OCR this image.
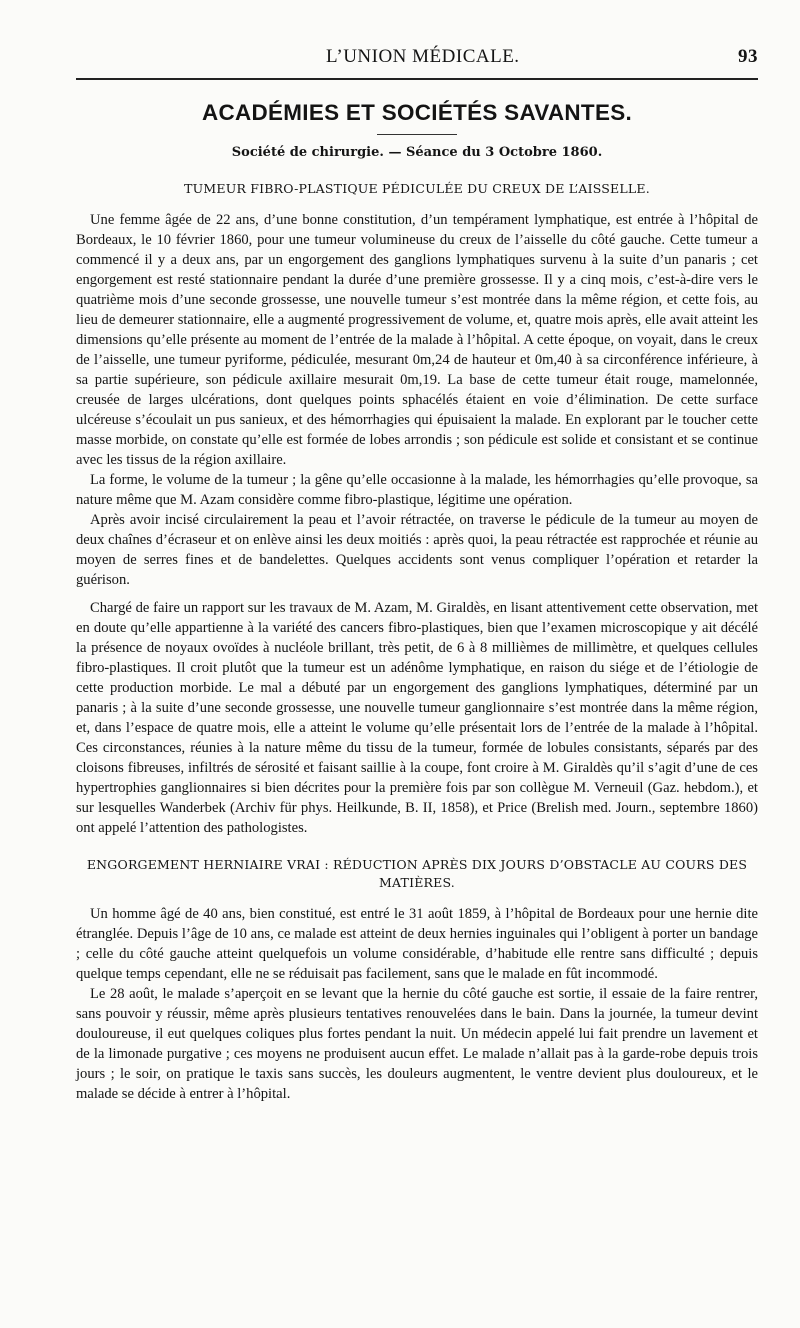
L’UNION MÉDICALE.	93
ACADÉMIES ET SOCIÉTÉS SAVANTES.
Société de chirurgie. — Séance du 3 Octobre 1860.
TUMEUR FIBRO-PLASTIQUE PÉDICULÉE DU CREUX DE L’AISSELLE.

Une femme âgée de 22 ans, d’une bonne constitution, d’un tempérament lymphatique, est entrée à l’hôpital de Bordeaux, le 10 février 1860, pour une tumeur volumineuse du creux de l’aisselle du côté gauche. Cette tumeur a commencé il y a deux ans, par un engorgement des ganglions lymphatiques survenu à la suite d’un panaris ; cet engorgement est resté stationnaire pendant la durée d’une première grossesse. Il y a cinq mois, c’est-à-dire vers le quatrième mois d’une seconde grossesse, une nouvelle tumeur s’est montrée dans la même région, et cette fois, au lieu de demeurer stationnaire, elle a augmenté progressivement de volume, et, quatre mois après, elle avait atteint les dimensions qu’elle présente au moment de l’entrée de la malade à l’hôpital. A cette époque, on voyait, dans le creux de l’aisselle, une tumeur pyriforme, pédiculée, mesurant 0m,24 de hauteur et 0m,40 à sa circonférence inférieure, à sa partie supérieure, son pédicule axillaire mesurait 0m,19. La base de cette tumeur était rouge, mamelonnée, creusée de larges ulcérations, dont quelques points sphacélés étaient en voie d’élimination. De cette surface ulcéreuse s’écoulait un pus sanieux, et des hémorrhagies qui épuisaient la malade. En explorant par le toucher cette masse morbide, on constate qu’elle est formée de lobes arrondis ; son pédicule est solide et consistant et se continue avec les tissus de la région axillaire.

La forme, le volume de la tumeur ; la gêne qu’elle occasionne à la malade, les hémorrhagies qu’elle provoque, sa nature même que M. Azam considère comme fibro-plastique, légitime une opération.

Après avoir incisé circulairement la peau et l’avoir rétractée, on traverse le pédicule de la tumeur au moyen de deux chaînes d’écraseur et on enlève ainsi les deux moitiés : après quoi, la peau rétractée est rapprochée et réunie au moyen de serres fines et de bandelettes. Quelques accidents sont venus compliquer l’opération et retarder la guérison.

Chargé de faire un rapport sur les travaux de M. Azam, M. Giraldès, en lisant attentivement cette observation, met en doute qu’elle appartienne à la variété des cancers fibro-plastiques, bien que l’examen microscopique y ait décélé la présence de noyaux ovoïdes à nucléole brillant, très petit, de 6 à 8 millièmes de millimètre, et quelques cellules fibro-plastiques. Il croit plutôt que la tumeur est un adénôme lymphatique, en raison du siége et de l’étiologie de cette production morbide. Le mal a débuté par un engorgement des ganglions lymphatiques, déterminé par un panaris ; à la suite d’une seconde grossesse, une nouvelle tumeur ganglionnaire s’est montrée dans la même région, et, dans l’espace de quatre mois, elle a atteint le volume qu’elle présentait lors de l’entrée de la malade à l’hôpital. Ces circonstances, réunies à la nature même du tissu de la tumeur, formée de lobules consistants, séparés par des cloisons fibreuses, infiltrés de sérosité et faisant saillie à la coupe, font croire à M. Giraldès qu’il s’agit d’une de ces hypertrophies ganglionnaires si bien décrites pour la première fois par son collègue M. Verneuil (Gaz. hebdom.), et sur lesquelles Wanderbek (Archiv für phys. Heilkunde, B. II, 1858), et Price (Brelish med. Journ., septembre 1860) ont appelé l’attention des pathologistes.

ENGORGEMENT HERNIAIRE VRAI : RÉDUCTION APRÈS DIX JOURS D’OBSTACLE AU COURS DES MATIÈRES.

Un homme âgé de 40 ans, bien constitué, est entré le 31 août 1859, à l’hôpital de Bordeaux pour une hernie dite étranglée. Depuis l’âge de 10 ans, ce malade est atteint de deux hernies inguinales qui l’obligent à porter un bandage ; celle du côté gauche atteint quelquefois un volume considérable, d’habitude elle rentre sans difficulté ; depuis quelque temps cependant, elle ne se réduisait pas facilement, sans que le malade en fût incommodé.

Le 28 août, le malade s’aperçoit en se levant que la hernie du côté gauche est sortie, il essaie de la faire rentrer, sans pouvoir y réussir, même après plusieurs tentatives renouvelées dans le bain. Dans la journée, la tumeur devint douloureuse, il eut quelques coliques plus fortes pendant la nuit. Un médecin appelé lui fait prendre un lavement et de la limonade purgative ; ces moyens ne produisent aucun effet. Le malade n’allait pas à la garde-robe depuis trois jours ; le soir, on pratique le taxis sans succès, les douleurs augmentent, le ventre devient plus douloureux, et le malade se décide à entrer à l’hôpital.
